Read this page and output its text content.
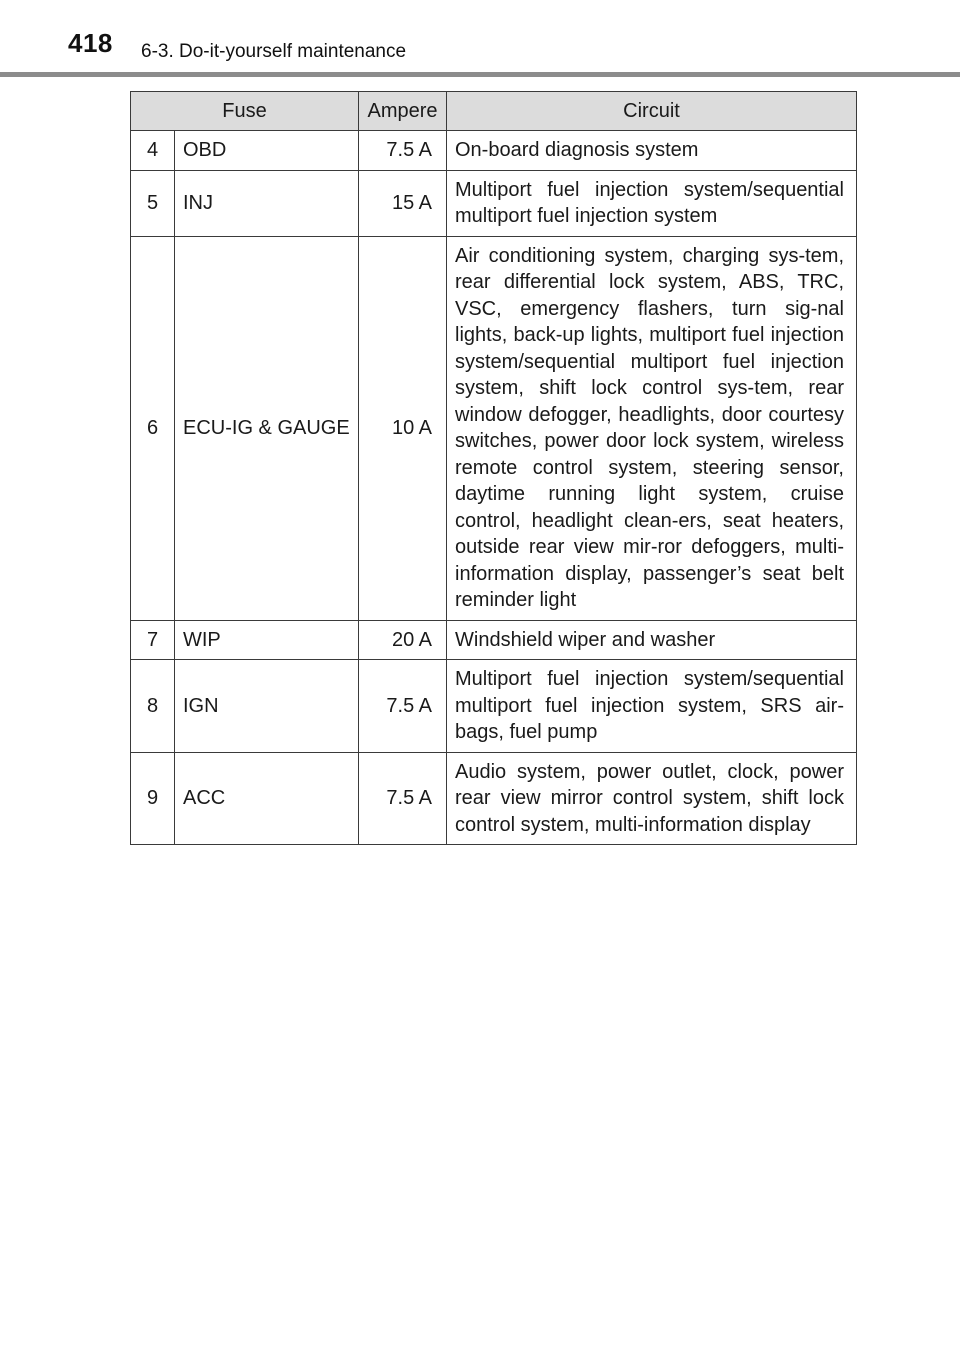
418 6-3. Do-it-yourself maintenance
Fuse		Ampere	Circuit
4	OBD	7.5 A	On-board diagnosis system
5	INJ	15 A	Multiport fuel injection system/sequential multiport fuel injection system
6	ECU-IG & GAUGE	10 A	Air conditioning system, charging sys-tem, rear differential lock system, ABS, TRC, VSC, emergency flashers, turn sig-nal lights, back-up lights, multiport fuel injection system/sequential multiport fuel injection system, shift lock control sys-tem, rear window defogger, headlights, door courtesy switches, power door lock system, wireless remote control system, steering sensor, daytime running light system, cruise control, headlight clean-ers, seat heaters, outside rear view mir-ror defoggers, multi-information display, passenger’s seat belt reminder light
7	WIP	20 A	Windshield wiper and washer
8	IGN	7.5 A	Multiport fuel injection system/sequential multiport fuel injection system, SRS air-bags, fuel pump
9	ACC	7.5 A	Audio system, power outlet, clock, power rear view mirror control system, shift lock control system, multi-information display
